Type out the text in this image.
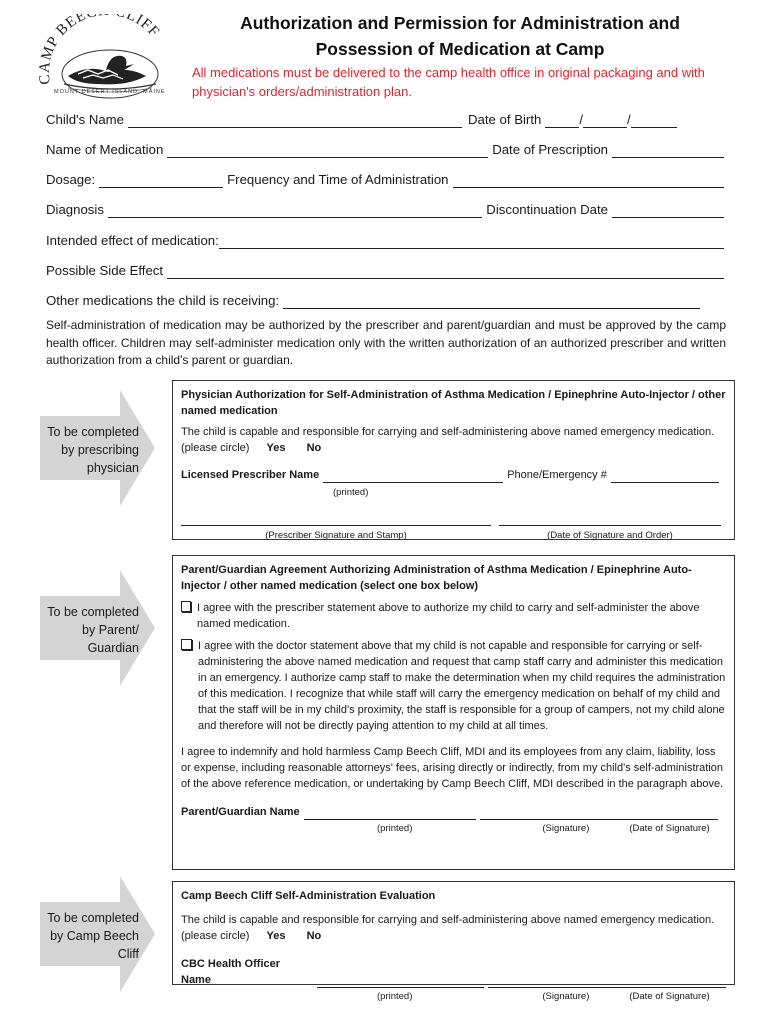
CAMP BEE LIFF
MOUNT DESERT ISLAND, MAINE
Authorization and Permission for Administration and
Possession of Medication at Camp
All medications must be delivered to the camp health office in original packaging and with physician's orders/administration plan.
Child's Name	Date of Birth	/	/
Name of Medication	Date of Prescription
Dosage:	Frequency and Time of Administration
Diagnosis	Discontinuation Date
Intended effect of medication:
Possible Side Effect
Other medications the child is receiving:
Self-administration of medication may be authorized by the prescriber and parent/guardian and must be approved by the camp health officer. Children may self-administer medication only with the written authorization of an authorized prescriber and written authorization from a child's parent or guardian.
To be completed
by prescribing
physician
Physician Authorization for Self-Administration of Asthma Medication / Epinephrine Auto-Injector / other named medication
The child is capable and responsible for carrying and self-administering above named emergency medication. (please circle) Yes No
Licensed Prescriber Name	Phone/Emergency #
(printed)
(Prescriber Signature and Stamp)	(Date of Signature and Order)
To be completed
by Parent/
Guardian
Parent/Guardian Agreement Authorizing Administration of Asthma Medication / Epinephrine Auto-Injector / other named medication (select one box below)
I agree with the prescriber statement above to authorize my child to carry and self-administer the above named medication.
I agree with the doctor statement above that my child is not capable and responsible for carrying or self-administering the above named medication and request that camp staff carry and administer this medication in an emergency. I authorize camp staff to make the determination when my child requires the administration of this medication. I recognize that while staff will carry the emergency medication on behalf of my child and that the staff will be in my child's proximity, the staff is responsible for a group of campers, not my child alone and therefore will not be directly paying attention to my child at all times.
I agree to indemnify and hold harmless Camp Beech Cliff, MDI and its employees from any claim, liability, loss or expense, including reasonable attorneys' fees, arising directly or indirectly, from my child's self-administration of the above reference medication, or undertaking by Camp Beech Cliff, MDI described in the paragraph above.
Parent/Guardian Name
(printed)	(Signature)	(Date of Signature)
To be completed
by Camp Beech
Cliff
Camp Beech Cliff Self-Administration Evaluation
The child is capable and responsible for carrying and self-administering above named emergency medication. (please circle) Yes No
CBC Health Officer Name
(printed)	(Signature)	(Date of Signature)
